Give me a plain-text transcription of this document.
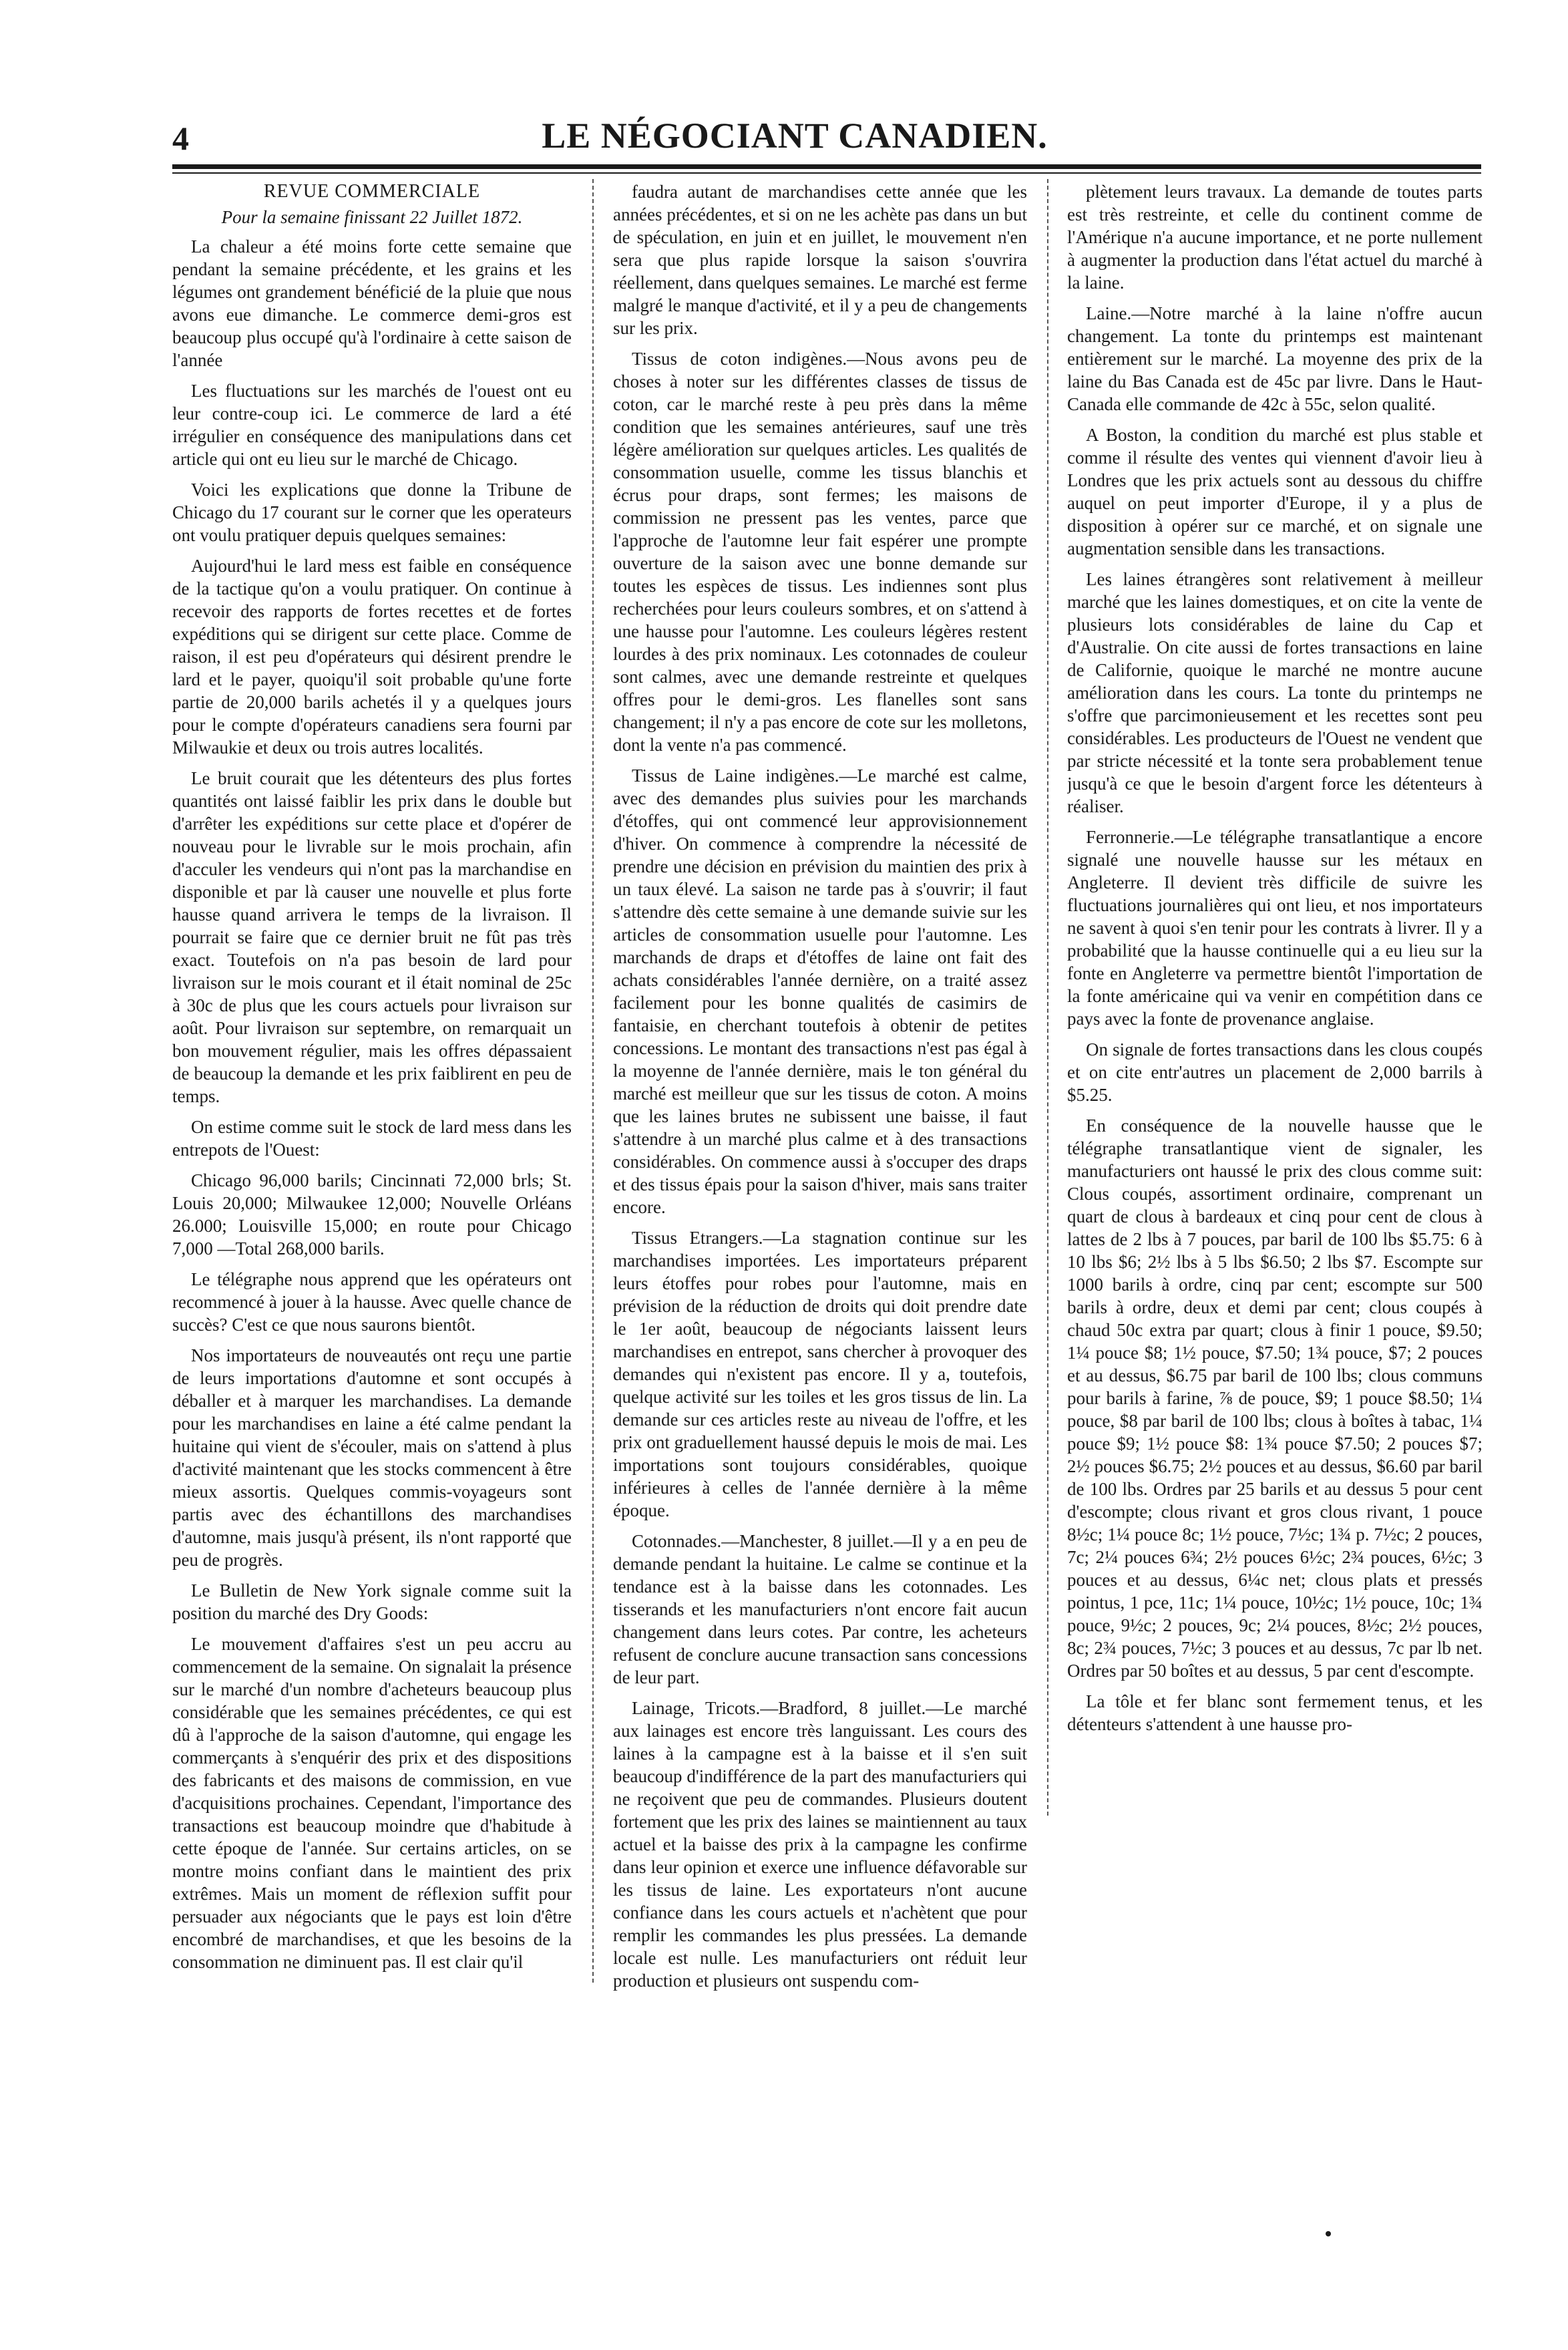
4	LE NÉGOCIANT CANADIEN.

REVUE COMMERCIALE

Pour la semaine finissant 22 Juillet 1872.

La chaleur a été moins forte cette semaine que pendant la semaine précédente, et les grains et les légumes ont grandement bénéficié de la pluie que nous avons eue dimanche. Le commerce demi-gros est beaucoup plus occupé qu'à l'ordinaire à cette saison de l'année

Les fluctuations sur les marchés de l'ouest ont eu leur contre-coup ici. Le commerce de lard a été irrégulier en conséquence des manipulations dans cet article qui ont eu lieu sur le marché de Chicago.

Voici les explications que donne la Tribune de Chicago du 17 courant sur le corner que les operateurs ont voulu pratiquer depuis quelques semaines:

Aujourd'hui le lard mess est faible en conséquence de la tactique qu'on a voulu pratiquer. On continue à recevoir des rapports de fortes recettes et de fortes expéditions qui se dirigent sur cette place. Comme de raison, il est peu d'opérateurs qui désirent prendre le lard et le payer, quoiqu'il soit probable qu'une forte partie de 20,000 barils achetés il y a quelques jours pour le compte d'opérateurs canadiens sera fourni par Milwaukie et deux ou trois autres localités.

Le bruit courait que les détenteurs des plus fortes quantités ont laissé faiblir les prix dans le double but d'arrêter les expéditions sur cette place et d'opérer de nouveau pour le livrable sur le mois prochain, afin d'acculer les vendeurs qui n'ont pas la marchandise en disponible et par là causer une nouvelle et plus forte hausse quand arrivera le temps de la livraison. Il pourrait se faire que ce dernier bruit ne fût pas très exact. Toutefois on n'a pas besoin de lard pour livraison sur le mois courant et il était nominal de 25c à 30c de plus que les cours actuels pour livraison sur août. Pour livraison sur septembre, on remarquait un bon mouvement régulier, mais les offres dépassaient de beaucoup la demande et les prix faiblirent en peu de temps.

On estime comme suit le stock de lard mess dans les entrepots de l'Ouest:

Chicago 96,000 barils; Cincinnati 72,000 brls; St. Louis 20,000; Milwaukee 12,000; Nouvelle Orléans 26.000; Louisville 15,000; en route pour Chicago 7,000 —Total 268,000 barils.

Le télégraphe nous apprend que les opérateurs ont recommencé à jouer à la hausse. Avec quelle chance de succès? C'est ce que nous saurons bientôt.

Nos importateurs de nouveautés ont reçu une partie de leurs importations d'automne et sont occupés à déballer et à marquer les marchandises. La demande pour les marchandises en laine a été calme pendant la huitaine qui vient de s'écouler, mais on s'attend à plus d'activité maintenant que les stocks commencent à être mieux assortis. Quelques commis-voyageurs sont partis avec des échantillons des marchandises d'automne, mais jusqu'à présent, ils n'ont rapporté que peu de progrès.

Le Bulletin de New York signale comme suit la position du marché des Dry Goods:

Le mouvement d'affaires s'est un peu accru au commencement de la semaine. On signalait la présence sur le marché d'un nombre d'acheteurs beaucoup plus considérable que les semaines précédentes, ce qui est dû à l'approche de la saison d'automne, qui engage les commerçants à s'enquérir des prix et des dispositions des fabricants et des maisons de commission, en vue d'acquisitions prochaines. Cependant, l'importance des transactions est beaucoup moindre que d'habitude à cette époque de l'année. Sur certains articles, on se montre moins confiant dans le maintient des prix extrêmes. Mais un moment de réflexion suffit pour persuader aux négociants que le pays est loin d'être encombré de marchandises, et que les besoins de la consommation ne diminuent pas. Il est clair qu'il

faudra autant de marchandises cette année que les années précédentes, et si on ne les achète pas dans un but de spéculation, en juin et en juillet, le mouvement n'en sera que plus rapide lorsque la saison s'ouvrira réellement, dans quelques semaines. Le marché est ferme malgré le manque d'activité, et il y a peu de changements sur les prix.

Tissus de coton indigènes.—Nous avons peu de choses à noter sur les différentes classes de tissus de coton, car le marché reste à peu près dans la même condition que les semaines antérieures, sauf une très légère amélioration sur quelques articles. Les qualités de consommation usuelle, comme les tissus blanchis et écrus pour draps, sont fermes; les maisons de commission ne pressent pas les ventes, parce que l'approche de l'automne leur fait espérer une prompte ouverture de la saison avec une bonne demande sur toutes les espèces de tissus. Les indiennes sont plus recherchées pour leurs couleurs sombres, et on s'attend à une hausse pour l'automne. Les couleurs légères restent lourdes à des prix nominaux. Les cotonnades de couleur sont calmes, avec une demande restreinte et quelques offres pour le demi-gros. Les flanelles sont sans changement; il n'y a pas encore de cote sur les molletons, dont la vente n'a pas commencé.

Tissus de Laine indigènes.—Le marché est calme, avec des demandes plus suivies pour les marchands d'étoffes, qui ont commencé leur approvisionnement d'hiver. On commence à comprendre la nécessité de prendre une décision en prévision du maintien des prix à un taux élevé. La saison ne tarde pas à s'ouvrir; il faut s'attendre dès cette semaine à une demande suivie sur les articles de consommation usuelle pour l'automne. Les marchands de draps et d'étoffes de laine ont fait des achats considérables l'année dernière, on a traité assez facilement pour les bonne qualités de casimirs de fantaisie, en cherchant toutefois à obtenir de petites concessions. Le montant des transactions n'est pas égal à la moyenne de l'année dernière, mais le ton général du marché est meilleur que sur les tissus de coton. A moins que les laines brutes ne subissent une baisse, il faut s'attendre à un marché plus calme et à des transactions considérables. On commence aussi à s'occuper des draps et des tissus épais pour la saison d'hiver, mais sans traiter encore.

Tissus Etrangers.—La stagnation continue sur les marchandises importées. Les importateurs préparent leurs étoffes pour robes pour l'automne, mais en prévision de la réduction de droits qui doit prendre date le 1er août, beaucoup de négociants laissent leurs marchandises en entrepot, sans chercher à provoquer des demandes qui n'existent pas encore. Il y a, toutefois, quelque activité sur les toiles et les gros tissus de lin. La demande sur ces articles reste au niveau de l'offre, et les prix ont graduellement haussé depuis le mois de mai. Les importations sont toujours considérables, quoique inférieures à celles de l'année dernière à la même époque.

Cotonnades.—Manchester, 8 juillet.—Il y a en peu de demande pendant la huitaine. Le calme se continue et la tendance est à la baisse dans les cotonnades. Les tisserands et les manufacturiers n'ont encore fait aucun changement dans leurs cotes. Par contre, les acheteurs refusent de conclure aucune transaction sans concessions de leur part.

Lainage, Tricots.—Bradford, 8 juillet.—Le marché aux lainages est encore très languissant. Les cours des laines à la campagne est à la baisse et il s'en suit beaucoup d'indifférence de la part des manufacturiers qui ne reçoivent que peu de commandes. Plusieurs doutent fortement que les prix des laines se maintiennent au taux actuel et la baisse des prix à la campagne les confirme dans leur opinion et exerce une influence défavorable sur les tissus de laine. Les exportateurs n'ont aucune confiance dans les cours actuels et n'achètent que pour remplir les commandes les plus pressées. La demande locale est nulle. Les manufacturiers ont réduit leur production et plusieurs ont suspendu com-

plètement leurs travaux. La demande de toutes parts est très restreinte, et celle du continent comme de l'Amérique n'a aucune importance, et ne porte nullement à augmenter la production dans l'état actuel du marché à la laine.

Laine.—Notre marché à la laine n'offre aucun changement. La tonte du printemps est maintenant entièrement sur le marché. La moyenne des prix de la laine du Bas Canada est de 45c par livre. Dans le Haut-Canada elle commande de 42c à 55c, selon qualité.

A Boston, la condition du marché est plus stable et comme il résulte des ventes qui viennent d'avoir lieu à Londres que les prix actuels sont au dessous du chiffre auquel on peut importer d'Europe, il y a plus de disposition à opérer sur ce marché, et on signale une augmentation sensible dans les transactions.

Les laines étrangères sont relativement à meilleur marché que les laines domestiques, et on cite la vente de plusieurs lots considérables de laine du Cap et d'Australie. On cite aussi de fortes transactions en laine de Californie, quoique le marché ne montre aucune amélioration dans les cours. La tonte du printemps ne s'offre que parcimonieusement et les recettes sont peu considérables. Les producteurs de l'Ouest ne vendent que par stricte nécessité et la tonte sera probablement tenue jusqu'à ce que le besoin d'argent force les détenteurs à réaliser.

Ferronnerie.—Le télégraphe transatlantique a encore signalé une nouvelle hausse sur les métaux en Angleterre. Il devient très difficile de suivre les fluctuations journalières qui ont lieu, et nos importateurs ne savent à quoi s'en tenir pour les contrats à livrer. Il y a probabilité que la hausse continuelle qui a eu lieu sur la fonte en Angleterre va permettre bientôt l'importation de la fonte américaine qui va venir en compétition dans ce pays avec la fonte de provenance anglaise.

On signale de fortes transactions dans les clous coupés et on cite entr'autres un placement de 2,000 barrils à $5.25.

En conséquence de la nouvelle hausse que le télégraphe transatlantique vient de signaler, les manufacturiers ont haussé le prix des clous comme suit: Clous coupés, assortiment ordinaire, comprenant un quart de clous à bardeaux et cinq pour cent de clous à lattes de 2 lbs à 7 pouces, par baril de 100 lbs $5.75: 6 à 10 lbs $6; 2½ lbs à 5 lbs $6.50; 2 lbs $7. Escompte sur 1000 barils à ordre, cinq par cent; escompte sur 500 barils à ordre, deux et demi par cent; clous coupés à chaud 50c extra par quart; clous à finir 1 pouce, $9.50; 1¼ pouce $8; 1½ pouce, $7.50; 1¾ pouce, $7; 2 pouces et au dessus, $6.75 par baril de 100 lbs; clous communs pour barils à farine, ⅞ de pouce, $9; 1 pouce $8.50; 1¼ pouce, $8 par baril de 100 lbs; clous à boîtes à tabac, 1¼ pouce $9; 1½ pouce $8: 1¾ pouce $7.50; 2 pouces $7; 2½ pouces $6.75; 2½ pouces et au dessus, $6.60 par baril de 100 lbs. Ordres par 25 barils et au dessus 5 pour cent d'escompte; clous rivant et gros clous rivant, 1 pouce 8½c; 1¼ pouce 8c; 1½ pouce, 7½c; 1¾ p. 7½c; 2 pouces, 7c; 2¼ pouces 6¾; 2½ pouces 6½c; 2¾ pouces, 6½c; 3 pouces et au dessus, 6¼c net; clous plats et pressés pointus, 1 pce, 11c; 1¼ pouce, 10½c; 1½ pouce, 10c; 1¾ pouce, 9½c; 2 pouces, 9c; 2¼ pouces, 8½c; 2½ pouces, 8c; 2¾ pouces, 7½c; 3 pouces et au dessus, 7c par lb net. Ordres par 50 boîtes et au dessus, 5 par cent d'escompte.

La tôle et fer blanc sont fermement tenus, et les détenteurs s'attendent à une hausse pro-
